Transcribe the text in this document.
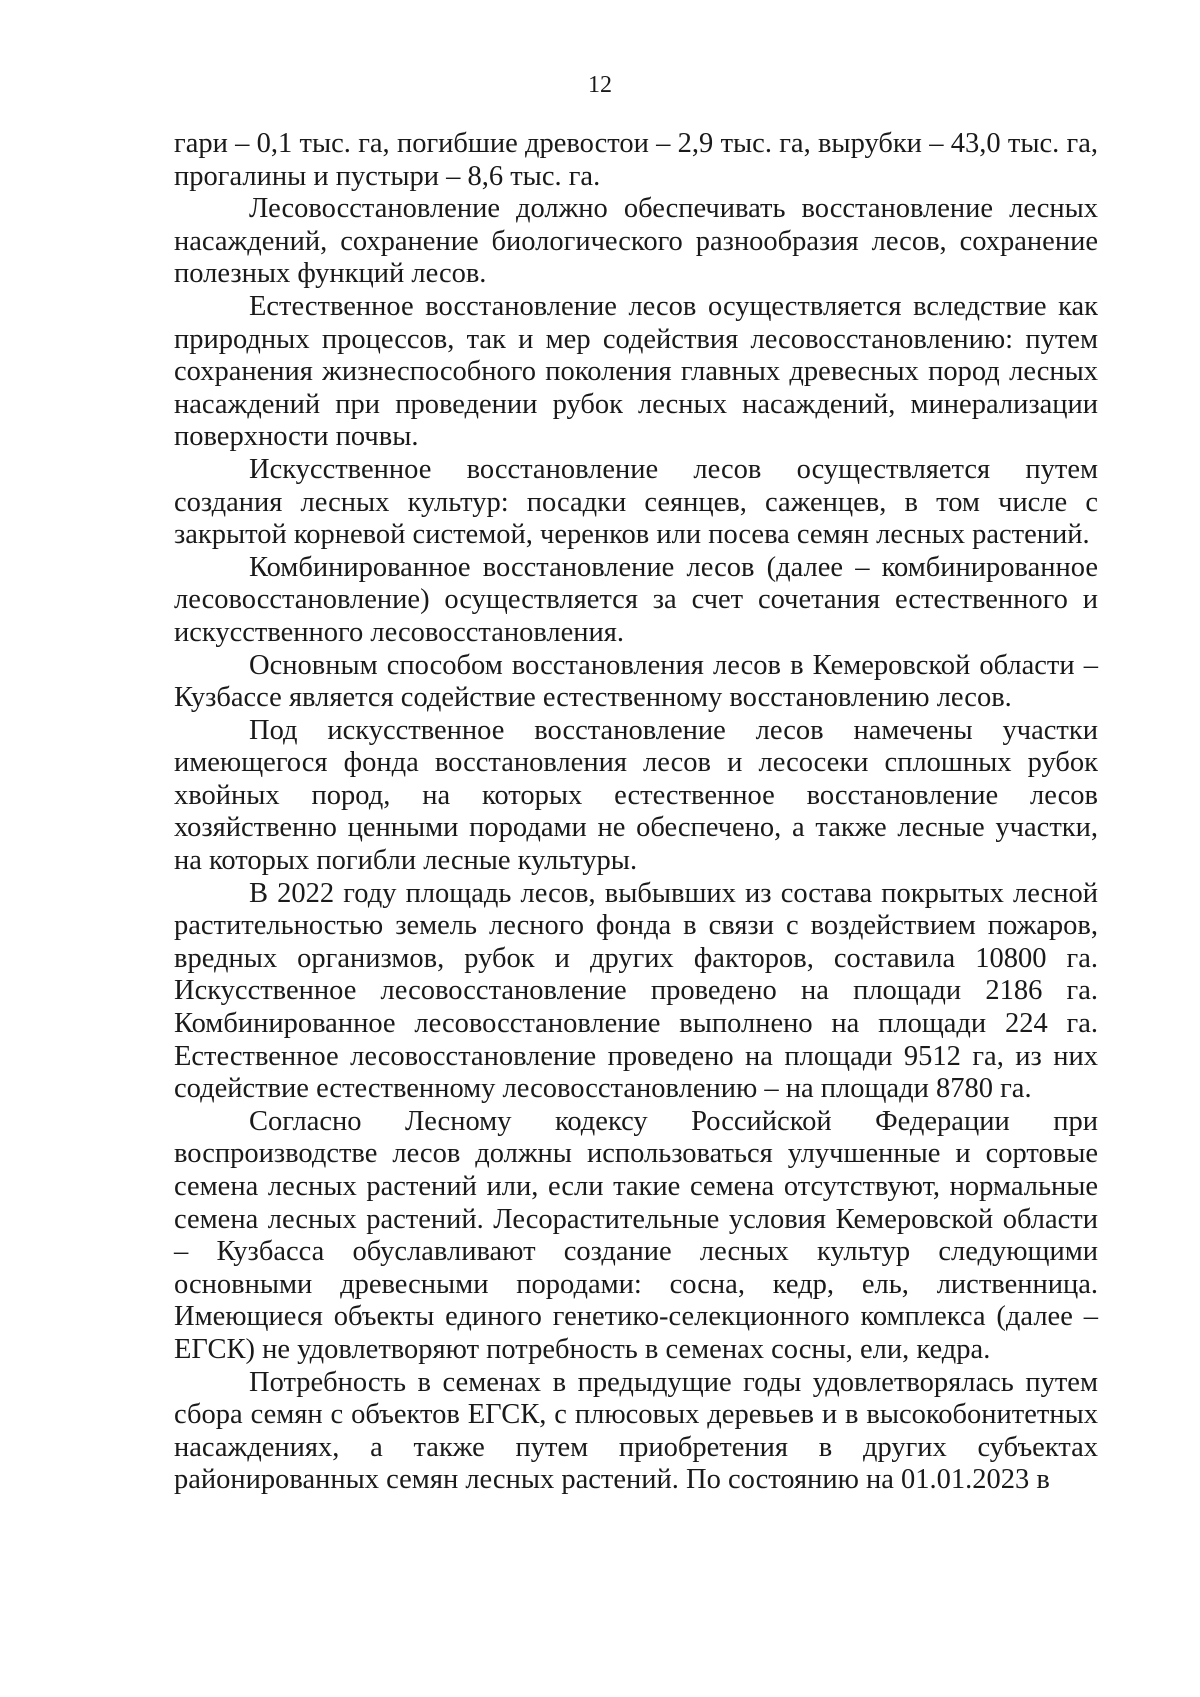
12

гари – 0,1 тыс. га, погибшие древостои – 2,9 тыс. га, вырубки – 43,0 тыс. га, прогалины и пустыри – 8,6 тыс. га.

Лесовосстановление должно обеспечивать восстановление лесных насаждений, сохранение биологического разнообразия лесов, сохранение полезных функций лесов.

Естественное восстановление лесов осуществляется вследствие как природных процессов, так и мер содействия лесовосстановлению: путем сохранения жизнеспособного поколения главных древесных пород лесных насаждений при проведении рубок лесных насаждений, минерализации поверхности почвы.

Искусственное восстановление лесов осуществляется путем создания лесных культур: посадки сеянцев, саженцев, в том числе с закрытой корневой системой, черенков или посева семян лесных растений.

Комбинированное восстановление лесов (далее – комбинированное лесовосстановление) осуществляется за счет сочетания естественного и искусственного лесовосстановления.

Основным способом восстановления лесов в Кемеровской области – Кузбассе является содействие естественному восстановлению лесов.

Под искусственное восстановление лесов намечены участки имеющегося фонда восстановления лесов и лесосеки сплошных рубок хвойных пород, на которых естественное восстановление лесов хозяйственно ценными породами не обеспечено, а также лесные участки, на которых погибли лесные культуры.

В 2022 году площадь лесов, выбывших из состава покрытых лесной растительностью земель лесного фонда в связи с воздействием пожаров, вредных организмов, рубок и других факторов, составила 10800 га. Искусственное лесовосстановление проведено на площади 2186 га. Комбинированное лесовосстановление выполнено на площади 224 га. Естественное лесовосстановление проведено на площади 9512 га, из них содействие естественному лесовосстановлению – на площади 8780 га.

Согласно Лесному кодексу Российской Федерации при воспроизводстве лесов должны использоваться улучшенные и сортовые семена лесных растений или, если такие семена отсутствуют, нормальные семена лесных растений. Лесорастительные условия Кемеровской области – Кузбасса обуславливают создание лесных культур следующими основными древесными породами: сосна, кедр, ель, лиственница. Имеющиеся объекты единого генетико-селекционного комплекса (далее – ЕГСК) не удовлетворяют потребность в семенах сосны, ели, кедра.

Потребность в семенах в предыдущие годы удовлетворялась путем сбора семян с объектов ЕГСК, с плюсовых деревьев и в высокобонитетных насаждениях, а также путем приобретения в других субъектах районированных семян лесных растений. По состоянию на 01.01.2023 в
